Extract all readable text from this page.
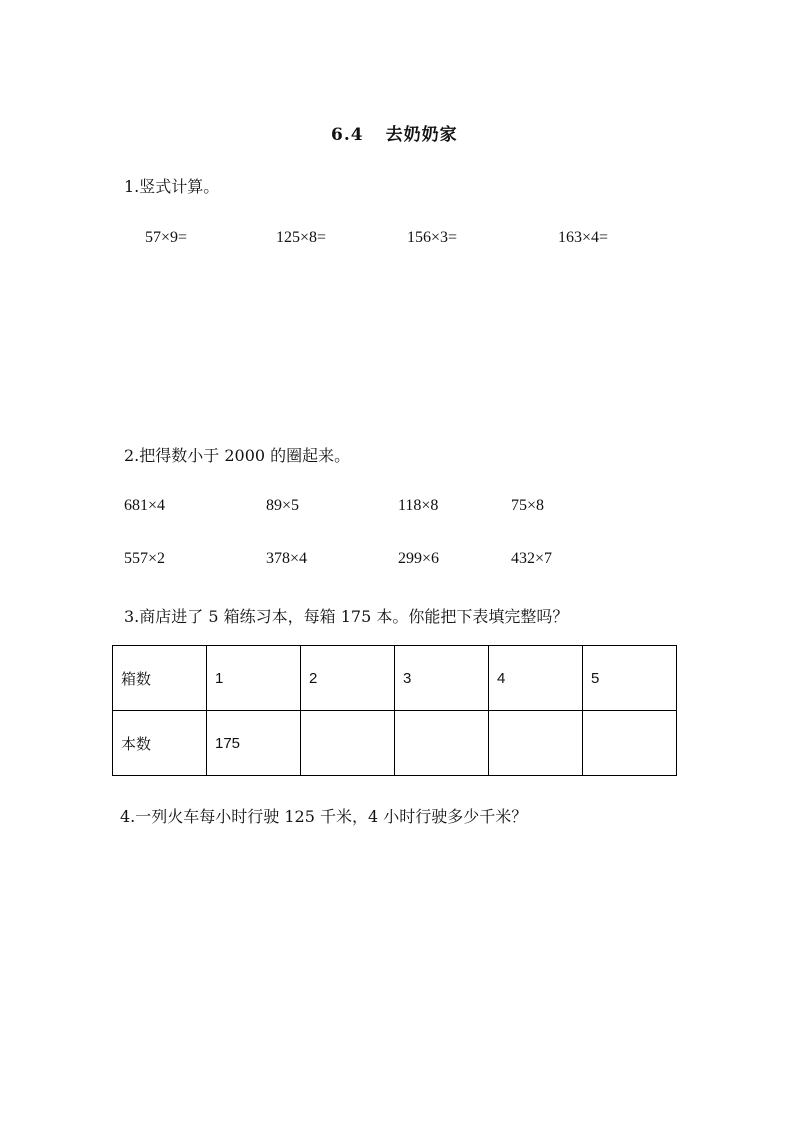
6.4 去奶奶家
1.竖式计算。
57×9=	125×8=	156×3=	163×4=
2.把得数小于 2000 的圈起来。
681×4	89×5	118×8	75×8
557×2	378×4	299×6	432×7
3.商店进了 5 箱练习本，每箱 175 本。你能把下表填完整吗？
箱数	1	2	3	4	5
本数	175				
4.一列火车每小时行驶 125 千米，4 小时行驶多少千米？
